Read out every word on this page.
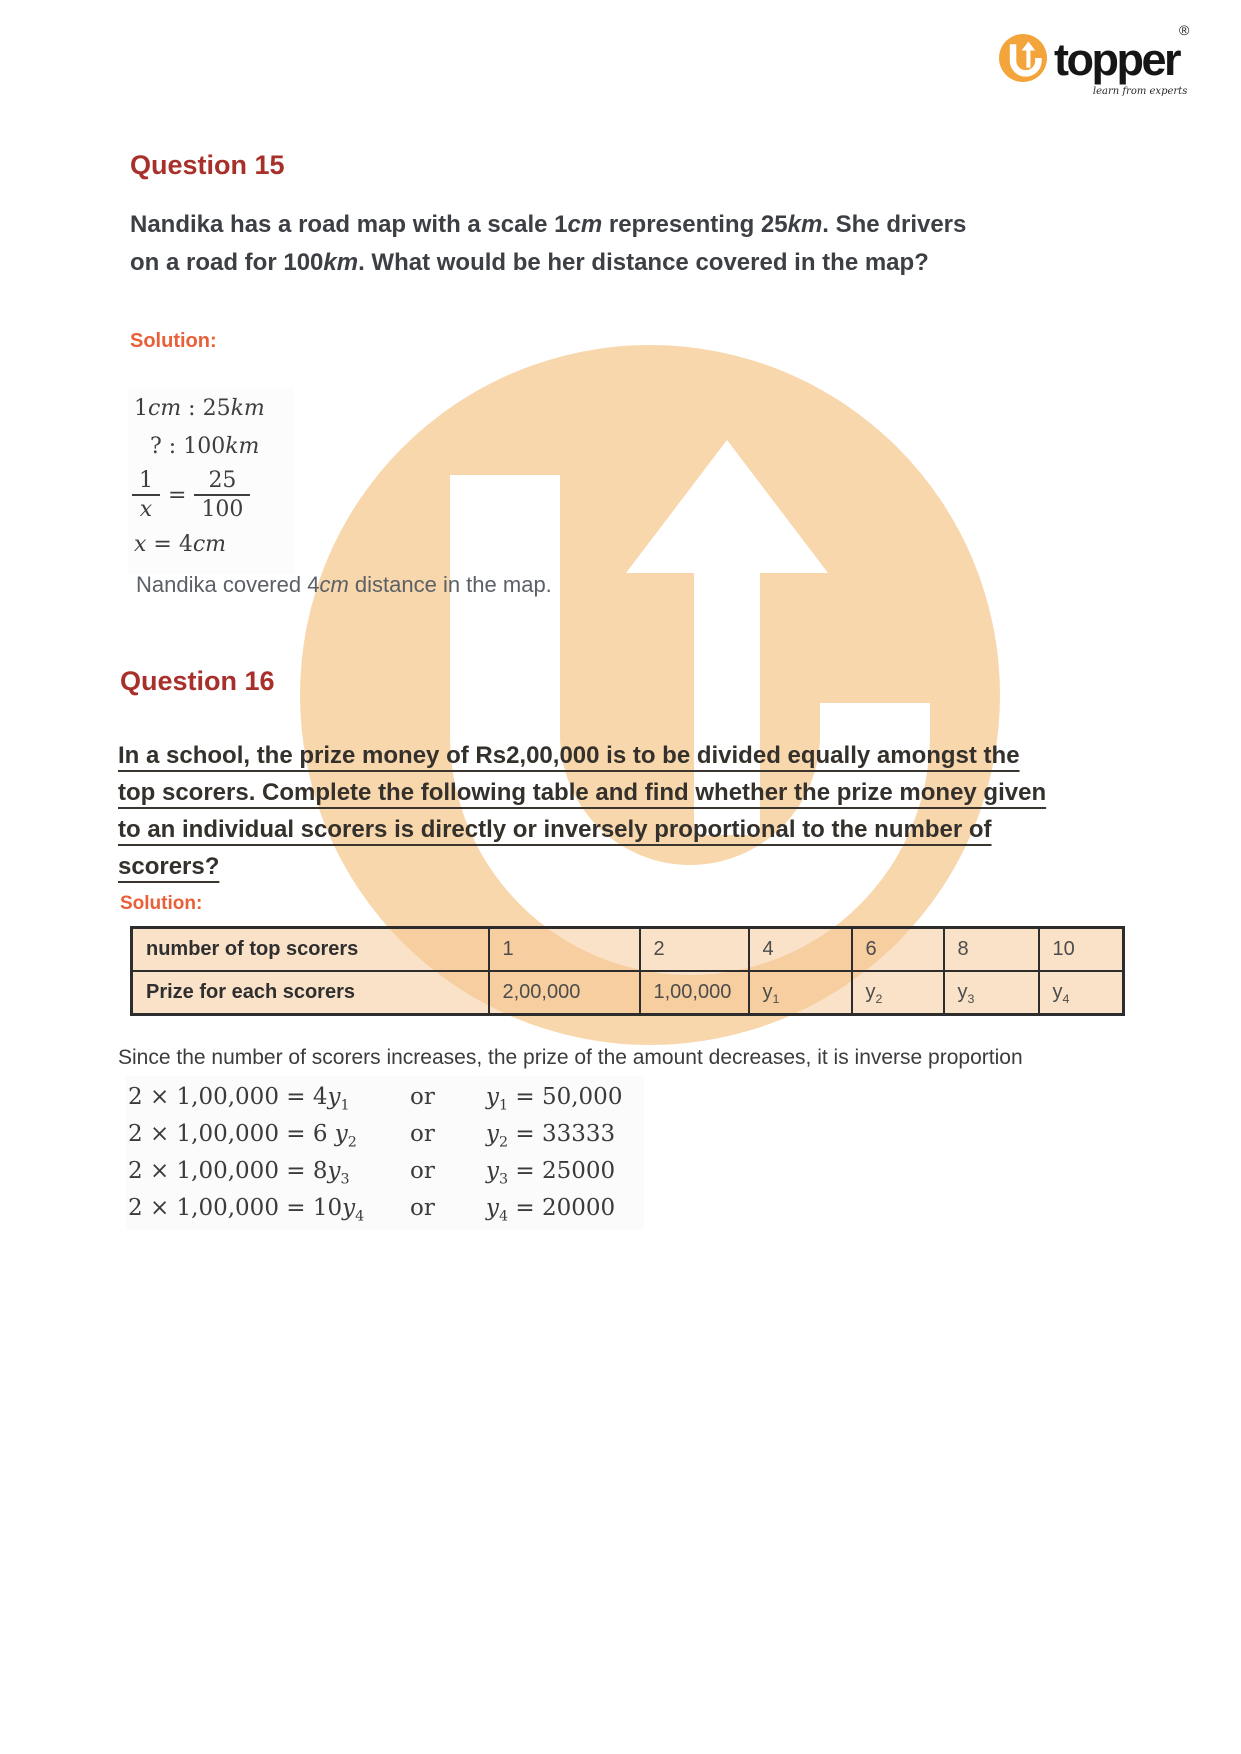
topper
®
learn from experts
Question 15
Nandika has a road map with a scale 1cm representing 25km. She drivers
on a road for 100km. What would be her distance covered in the map?
Solution:
1cm : 25km
? : 100km
$\frac{1}{x} = \frac{25}{100}$
x = 4cm
Nandika covered 4cm distance in the map.
Question 16
In a school, the prize money of Rs2,00,000 is to be divided equally amongst the
top scorers. Complete the following table and find whether the prize money given
to an individual scorers is directly or inversely proportional to the number of
scorers?
Solution:
number of top scorers	1	2	4	6	8	10
Prize for each scorers	2,00,000	1,00,000	$y_1$	$y_2$	$y_3$	$y_4$
Since the number of scorers increases, the prize of the amount decreases, it is inverse proportion
$2 \times 1,00,000 = 4y_1$	or	$y_1 = 50,000$
2 × 1,00,000 = 6 $y_2$	or	$y_2 = 33333$
$2 \times 1,00,000 = 8y_3$	or	$y_3 = 25000$
$2 \times 1,00,000 = 10y_4$	or	$y_4 = 20000$
